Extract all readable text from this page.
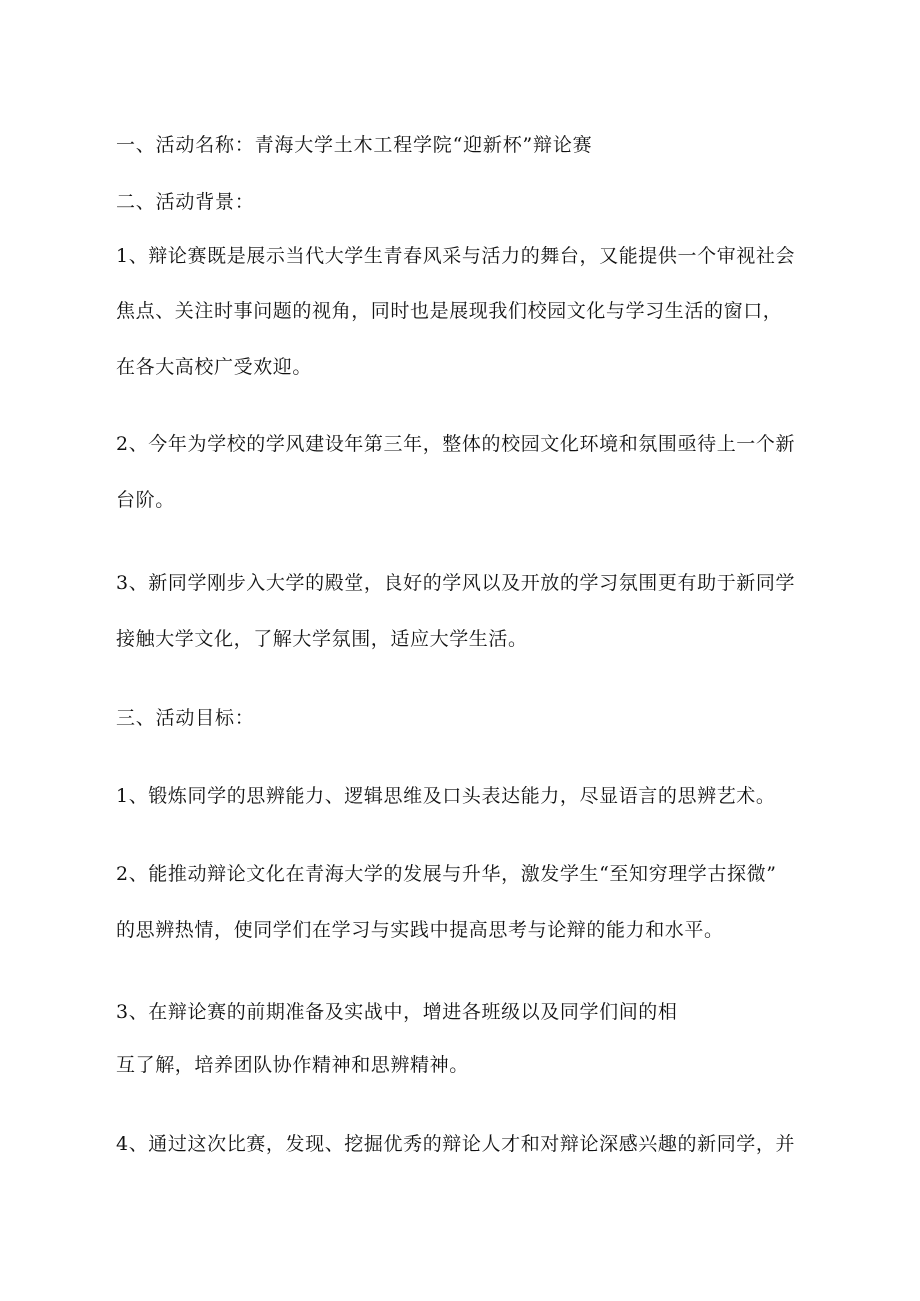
一、活动名称：青海大学土木工程学院“迎新杯”辩论赛
二、活动背景：
1、辩论赛既是展示当代大学生青春风采与活力的舞台，又能提供一个审视社会
焦点、关注时事问题的视角，同时也是展现我们校园文化与学习生活的窗口，
在各大高校广受欢迎。
2、今年为学校的学风建设年第三年，整体的校园文化环境和氛围亟待上一个新
台阶。
3、新同学刚步入大学的殿堂，良好的学风以及开放的学习氛围更有助于新同学
接触大学文化，了解大学氛围，适应大学生活。
三、活动目标：
1、锻炼同学的思辨能力、逻辑思维及口头表达能力，尽显语言的思辨艺术。
2、能推动辩论文化在青海大学的发展与升华，激发学生“至知穷理学古探微”
的思辨热情，使同学们在学习与实践中提高思考与论辩的能力和水平。
3、在辩论赛的前期准备及实战中，增进各班级以及同学们间的相
互了解，培养团队协作精神和思辨精神。
4、通过这次比赛，发现、挖掘优秀的辩论人才和对辩论深感兴趣的新同学，并
